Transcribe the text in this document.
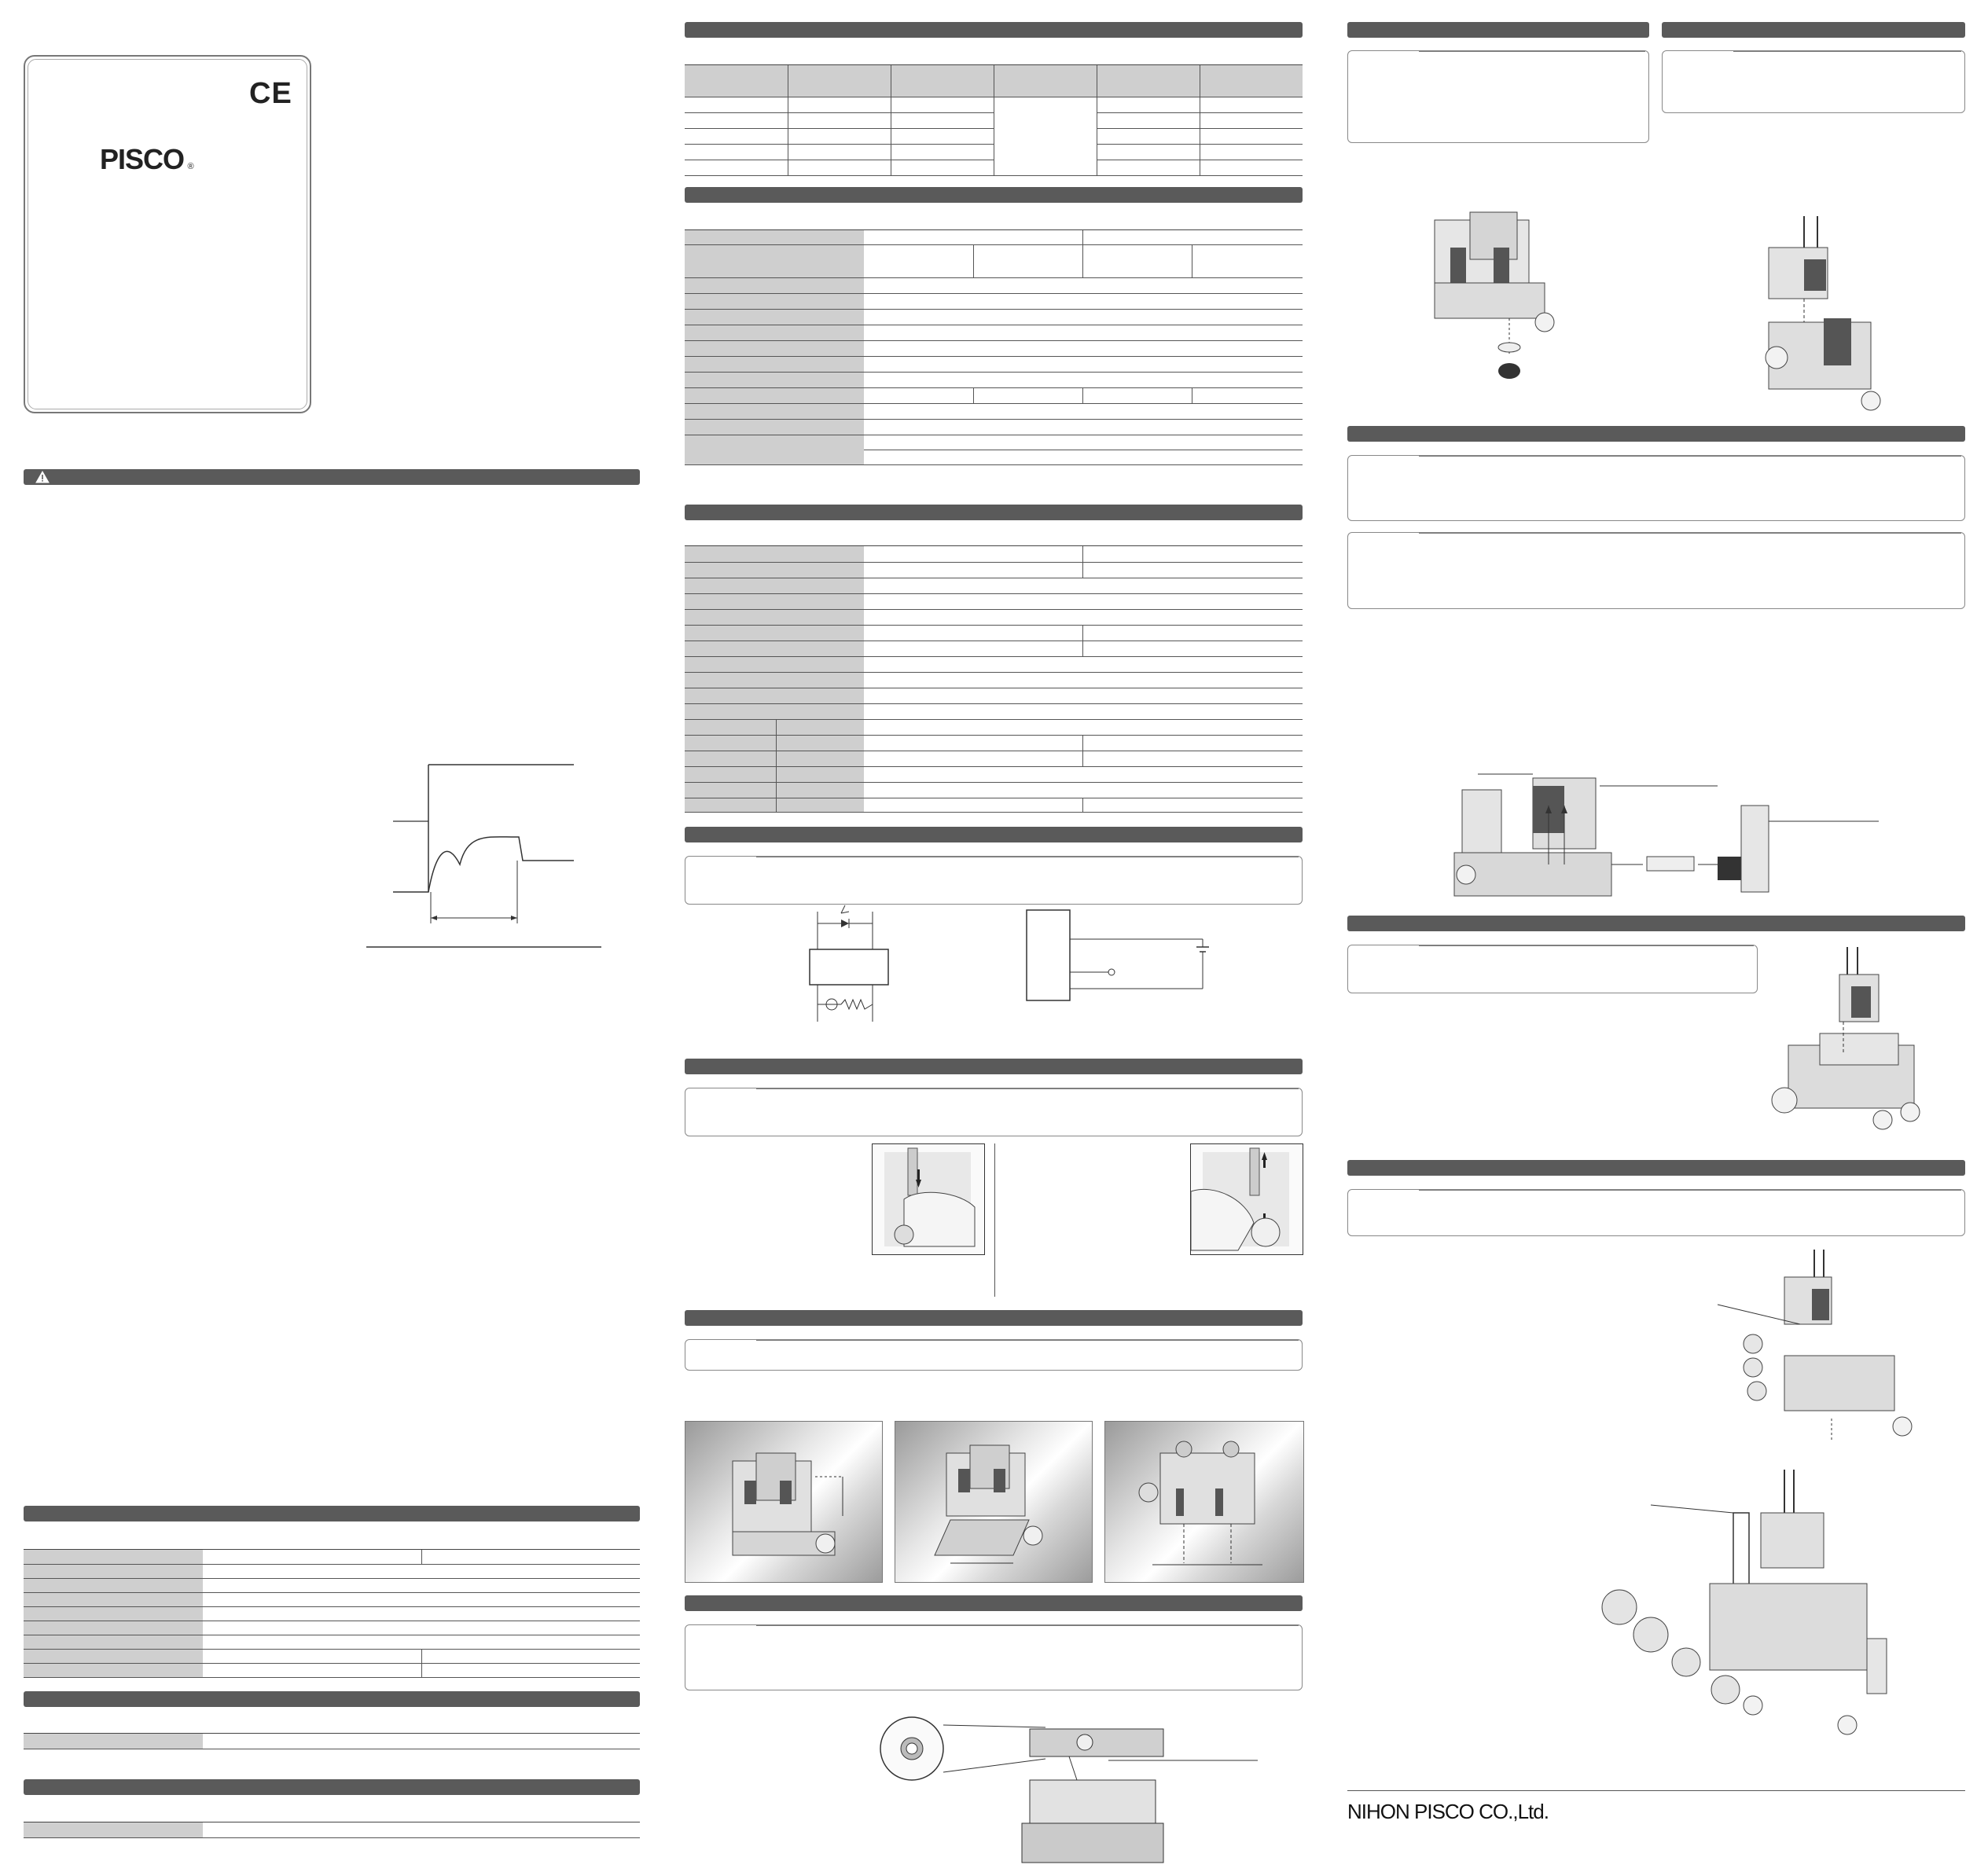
CE
PISCO ®
NIHON PISCO CO.,Ltd.
